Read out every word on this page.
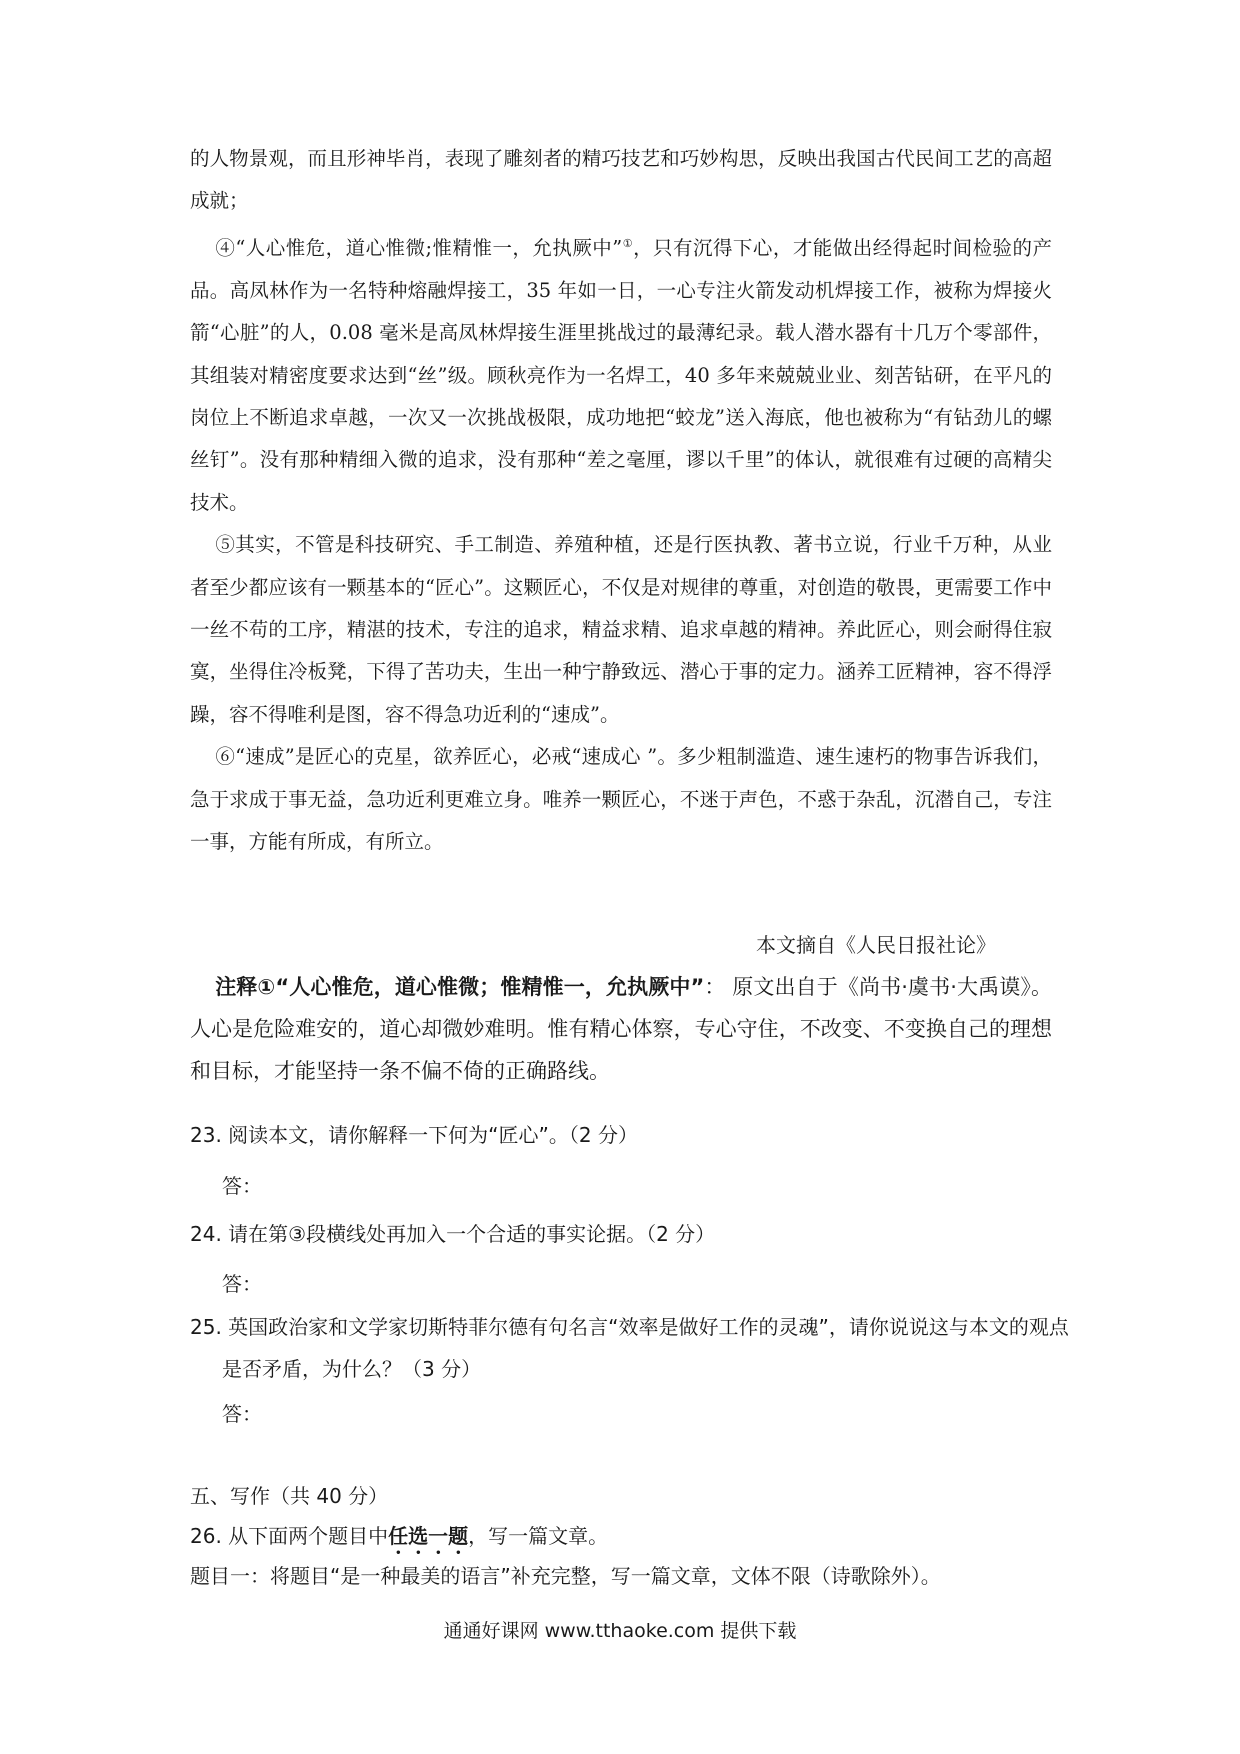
的人物景观，而且形神毕肖，表现了雕刻者的精巧技艺和巧妙构思，反映出我国古代民间工艺的高超成就；

④“人心惟危，道心惟微;惟精惟一，允执厥中”①，只有沉得下心，才能做出经得起时间检验的产品。高凤林作为一名特种熔融焊接工，35 年如一日，一心专注火箭发动机焊接工作，被称为焊接火箭“心脏”的人，0.08 毫米是高凤林焊接生涯里挑战过的最薄纪录。载人潜水器有十几万个零部件，其组装对精密度要求达到“丝”级。顾秋亮作为一名焊工，40 多年来兢兢业业、刻苦钻研，在平凡的岗位上不断追求卓越，一次又一次挑战极限，成功地把“蛟龙”送入海底，他也被称为“有钻劲儿的螺丝钉”。没有那种精细入微的追求，没有那种“差之毫厘，谬以千里”的体认，就很难有过硬的高精尖技术。

⑤其实，不管是科技研究、手工制造、养殖种植，还是行医执教、著书立说，行业千万种，从业者至少都应该有一颗基本的“匠心”。这颗匠心，不仅是对规律的尊重，对创造的敬畏，更需要工作中一丝不苟的工序，精湛的技术，专注的追求，精益求精、追求卓越的精神。养此匠心，则会耐得住寂寞，坐得住冷板凳，下得了苦功夫，生出一种宁静致远、潜心于事的定力。涵养工匠精神，容不得浮躁，容不得唯利是图，容不得急功近利的“速成”。

⑥“速成”是匠心的克星，欲养匠心，必戒“速成心 ”。多少粗制滥造、速生速朽的物事告诉我们，急于求成于事无益，急功近利更难立身。唯养一颗匠心，不迷于声色，不惑于杂乱，沉潜自己，专注一事，方能有所成，有所立。

本文摘自《人民日报社论》
注释①“人心惟危，道心惟微；惟精惟一，允执厥中”： 原文出自于《尚书·虞书·大禹谟》。人心是危险难安的，道心却微妙难明。惟有精心体察，专心守住，不改变、不变换自己的理想和目标，才能坚持一条不偏不倚的正确路线。
23. 阅读本文，请你解释一下何为“匠心”。（2 分）
答：
24. 请在第③段横线处再加入一个合适的事实论据。（2 分）
答：
25. 英国政治家和文学家切斯特菲尔德有句名言“效率是做好工作的灵魂”，请你说说这与本文的观点是否矛盾，为什么？（3 分）
答：
五、写作（共 40 分）
26. 从下面两个题目中任选一题，写一篇文章。
题目一：将题目“是一种最美的语言”补充完整，写一篇文章，文体不限（诗歌除外）。
通通好课网 www.tthaoke.com 提供下载
